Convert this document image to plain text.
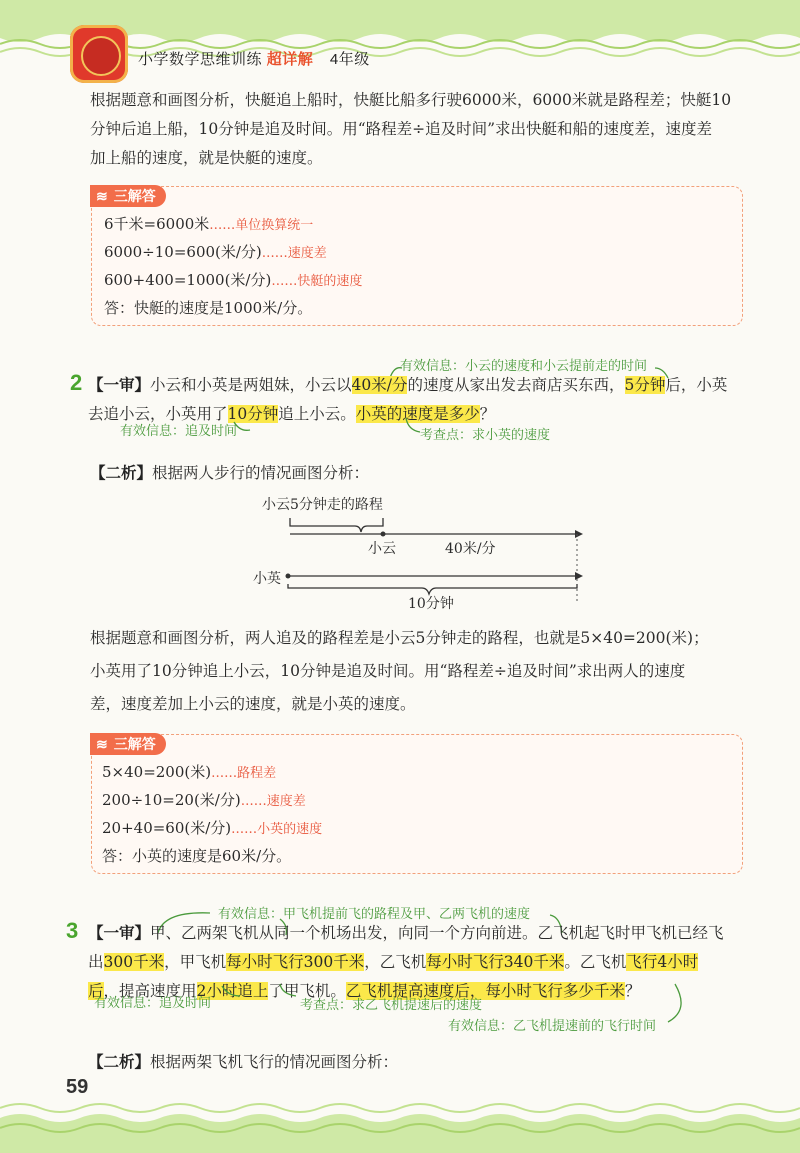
小学数学思维训练 超详解 4年级
根据题意和画图分析，快艇追上船时，快艇比船多行驶6000米，6000米就是路程差；快艇10
分钟后追上船，10分钟是追及时间。用“路程差÷追及时间”求出快艇和船的速度差，速度差
加上船的速度，就是快艇的速度。
≋ 三解答
6千米=6000米……单位换算统一
6000÷10=600(米/分)……速度差
600+400=1000(米/分)……快艇的速度
答：快艇的速度是1000米/分。
有效信息：小云的速度和小云提前走的时间
2 【一审】小云和小英是两姐妹，小云以40米/分的速度从家出发去商店买东西，5分钟后，小英
去追小云，小英用了10分钟追上小云。小英的速度是多少？
有效信息：追及时间	考查点：求小英的速度
【二析】根据两人步行的情况画图分析：
小云5分钟走的路程
小云	40米/分
小英
10分钟
根据题意和画图分析，两人追及的路程差是小云5分钟走的路程，也就是5×40=200(米)；
小英用了10分钟追上小云，10分钟是追及时间。用“路程差÷追及时间”求出两人的速度
差，速度差加上小云的速度，就是小英的速度。
≋ 三解答
5×40=200(米)……路程差
200÷10=20(米/分)……速度差
20+40=60(米/分)……小英的速度
答：小英的速度是60米/分。
有效信息：甲飞机提前飞的路程及甲、乙两飞机的速度
3 【一审】甲、乙两架飞机从同一个机场出发，向同一个方向前进。乙飞机起飞时甲飞机已经飞
出300千米，甲飞机每小时飞行300千米，乙飞机每小时飞行340千米。乙飞机飞行4小时
后，提高速度用2小时追上了甲飞机。乙飞机提高速度后，每小时飞行多少千米？
有效信息：追及时间	考查点：求乙飞机提速后的速度
有效信息：乙飞机提速前的飞行时间
【二析】根据两架飞机飞行的情况画图分析：
59
